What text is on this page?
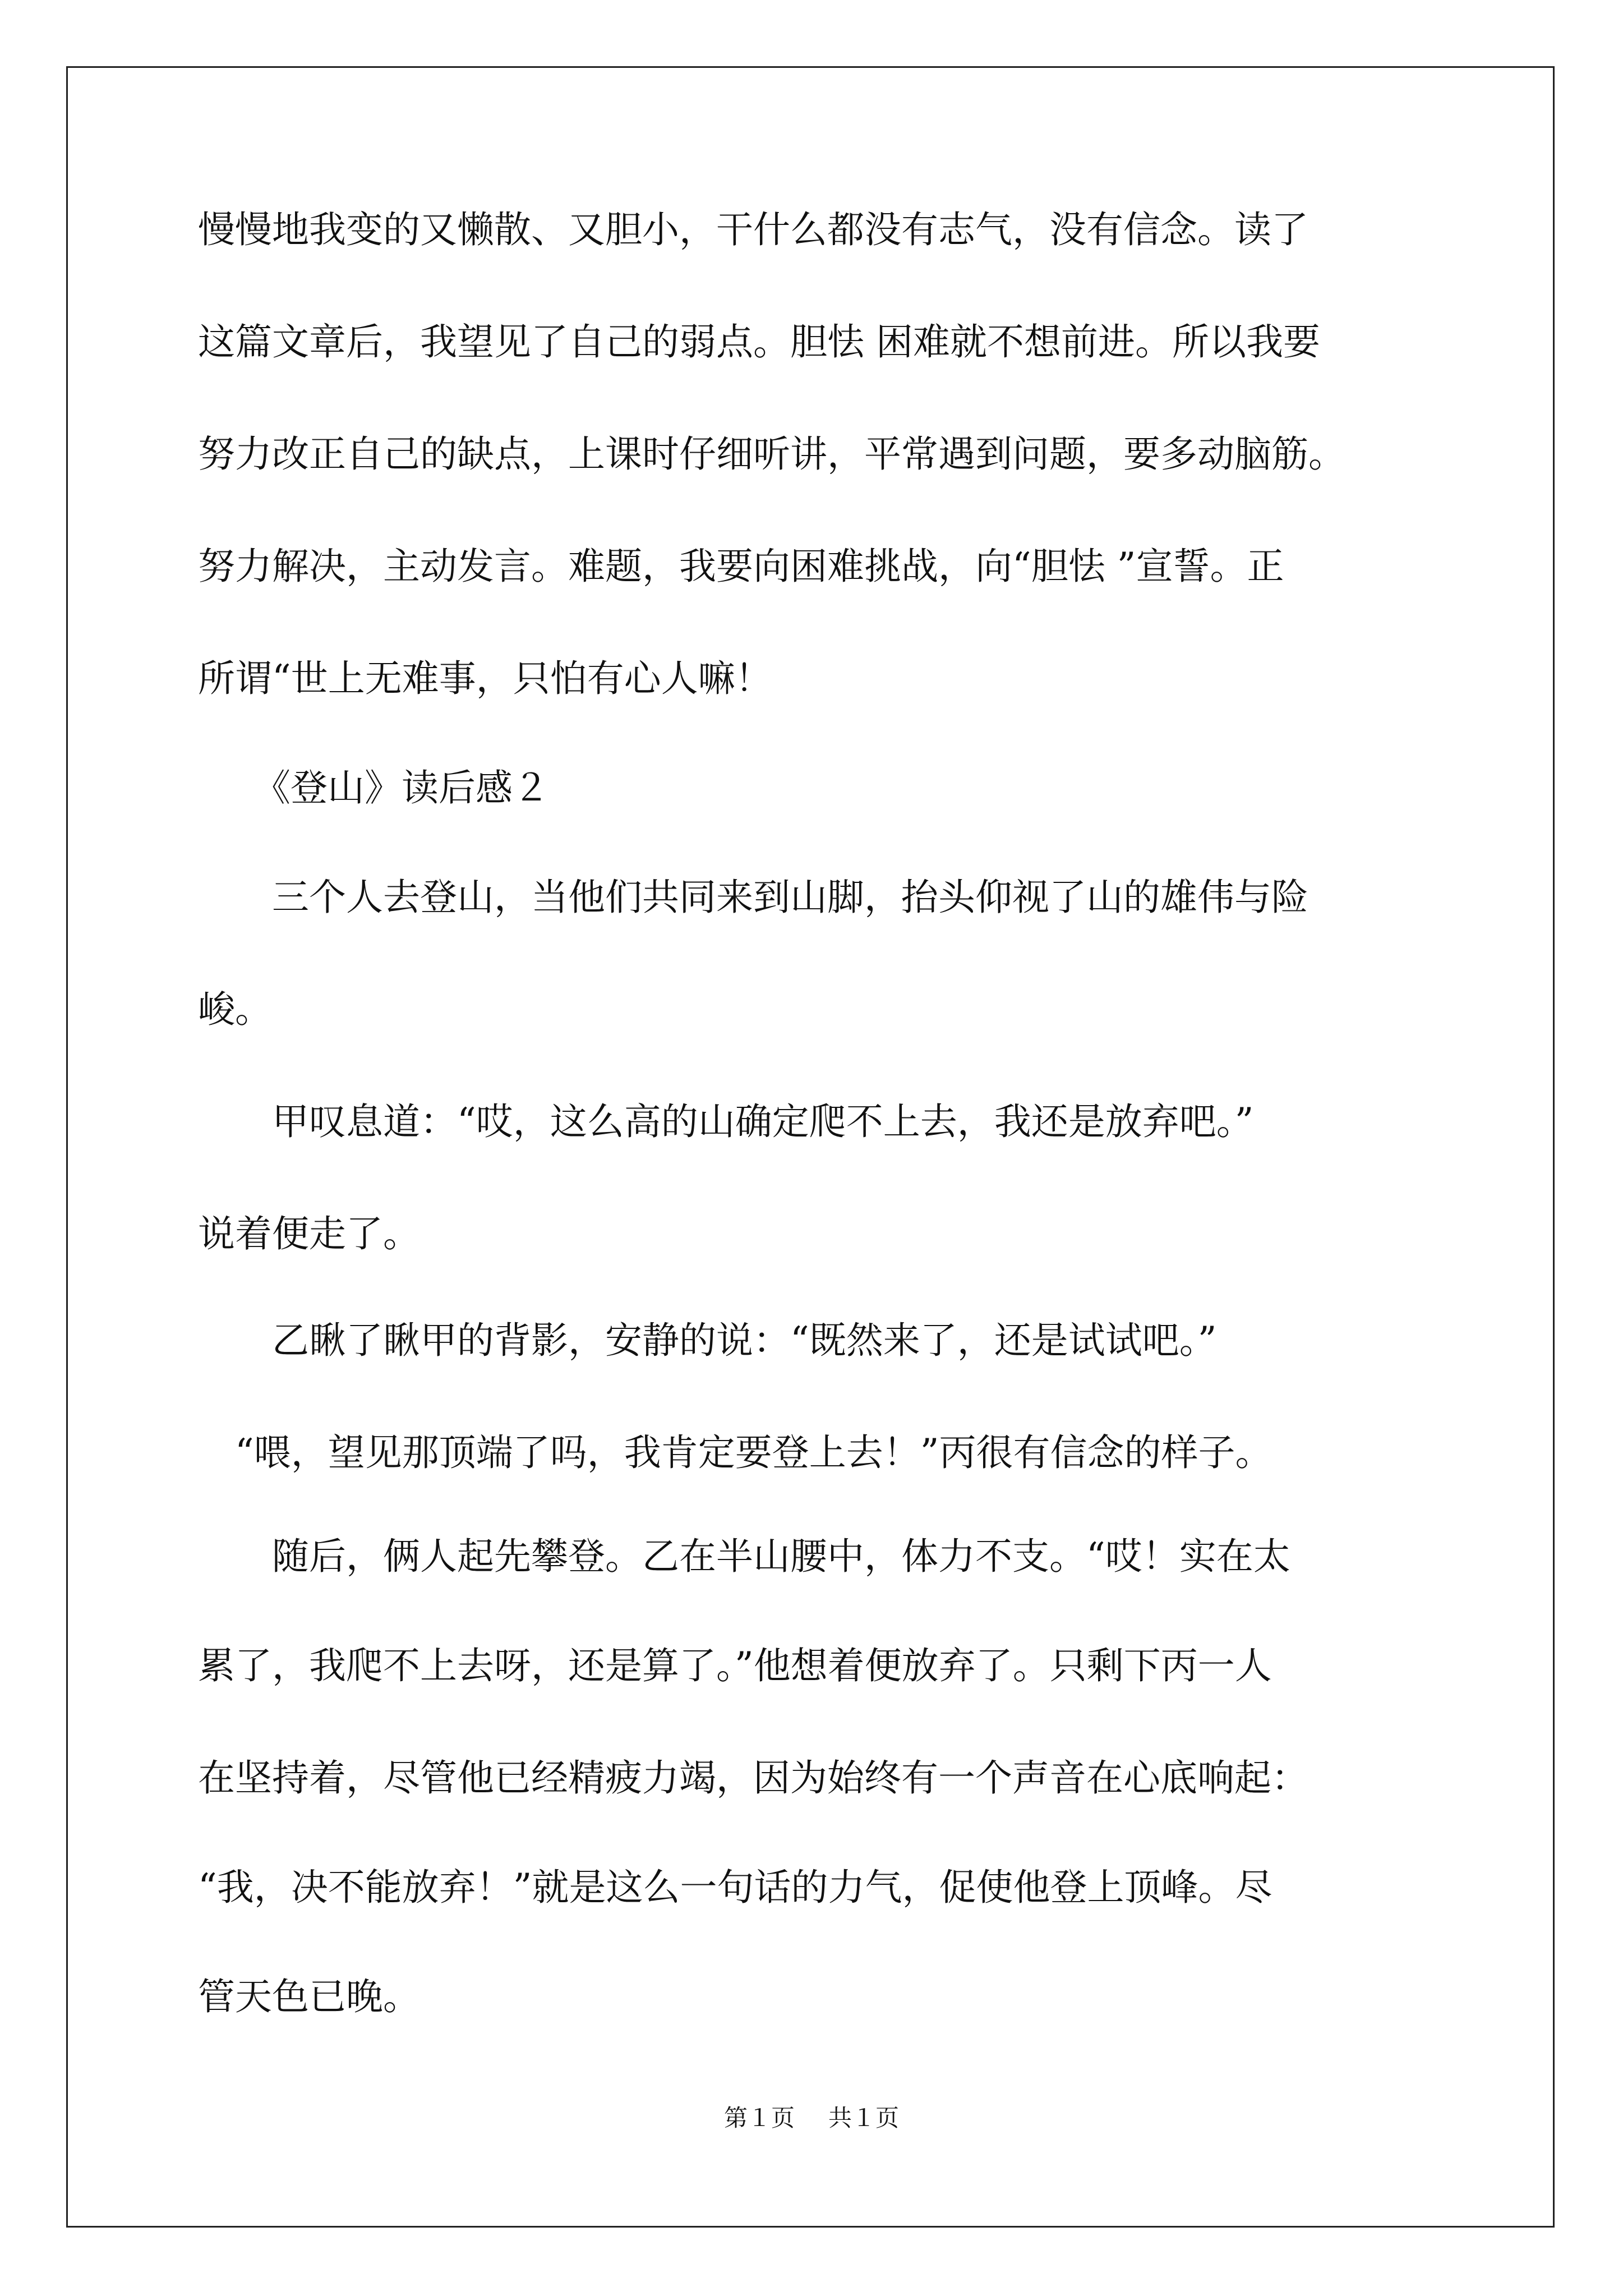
慢慢地我变的又懒散、又胆小，干什么都没有志气，没有信念。读了
这篇文章后，我望见了自己的弱点。胆怯 困难就不想前进。所以我要
努力改正自己的缺点，上课时仔细听讲，平常遇到问题，要多动脑筋。
努力解决，主动发言。难题，我要向困难挑战，向“胆怯 ”宣誓。正
所谓“世上无难事，只怕有心人嘛！
　　《登山》读后感２
　　三个人去登山，当他们共同来到山脚，抬头仰视了山的雄伟与险
峻。
　　甲叹息道：“哎，这么高的山确定爬不上去，我还是放弃吧。”
说着便走了。
　　乙瞅了瞅甲的背影，安静的说：“既然来了，还是试试吧。”
　“喂，望见那顶端了吗，我肯定要登上去！”丙很有信念的样子。
　　随后，俩人起先攀登。乙在半山腰中，体力不支。“哎！实在太
累了，我爬不上去呀，还是算了。”他想着便放弃了。只剩下丙一人
在坚持着，尽管他已经精疲力竭，因为始终有一个声音在心底响起：
“我，决不能放弃！”就是这么一句话的力气，促使他登上顶峰。尽
管天色已晚。
第１页 共１页
